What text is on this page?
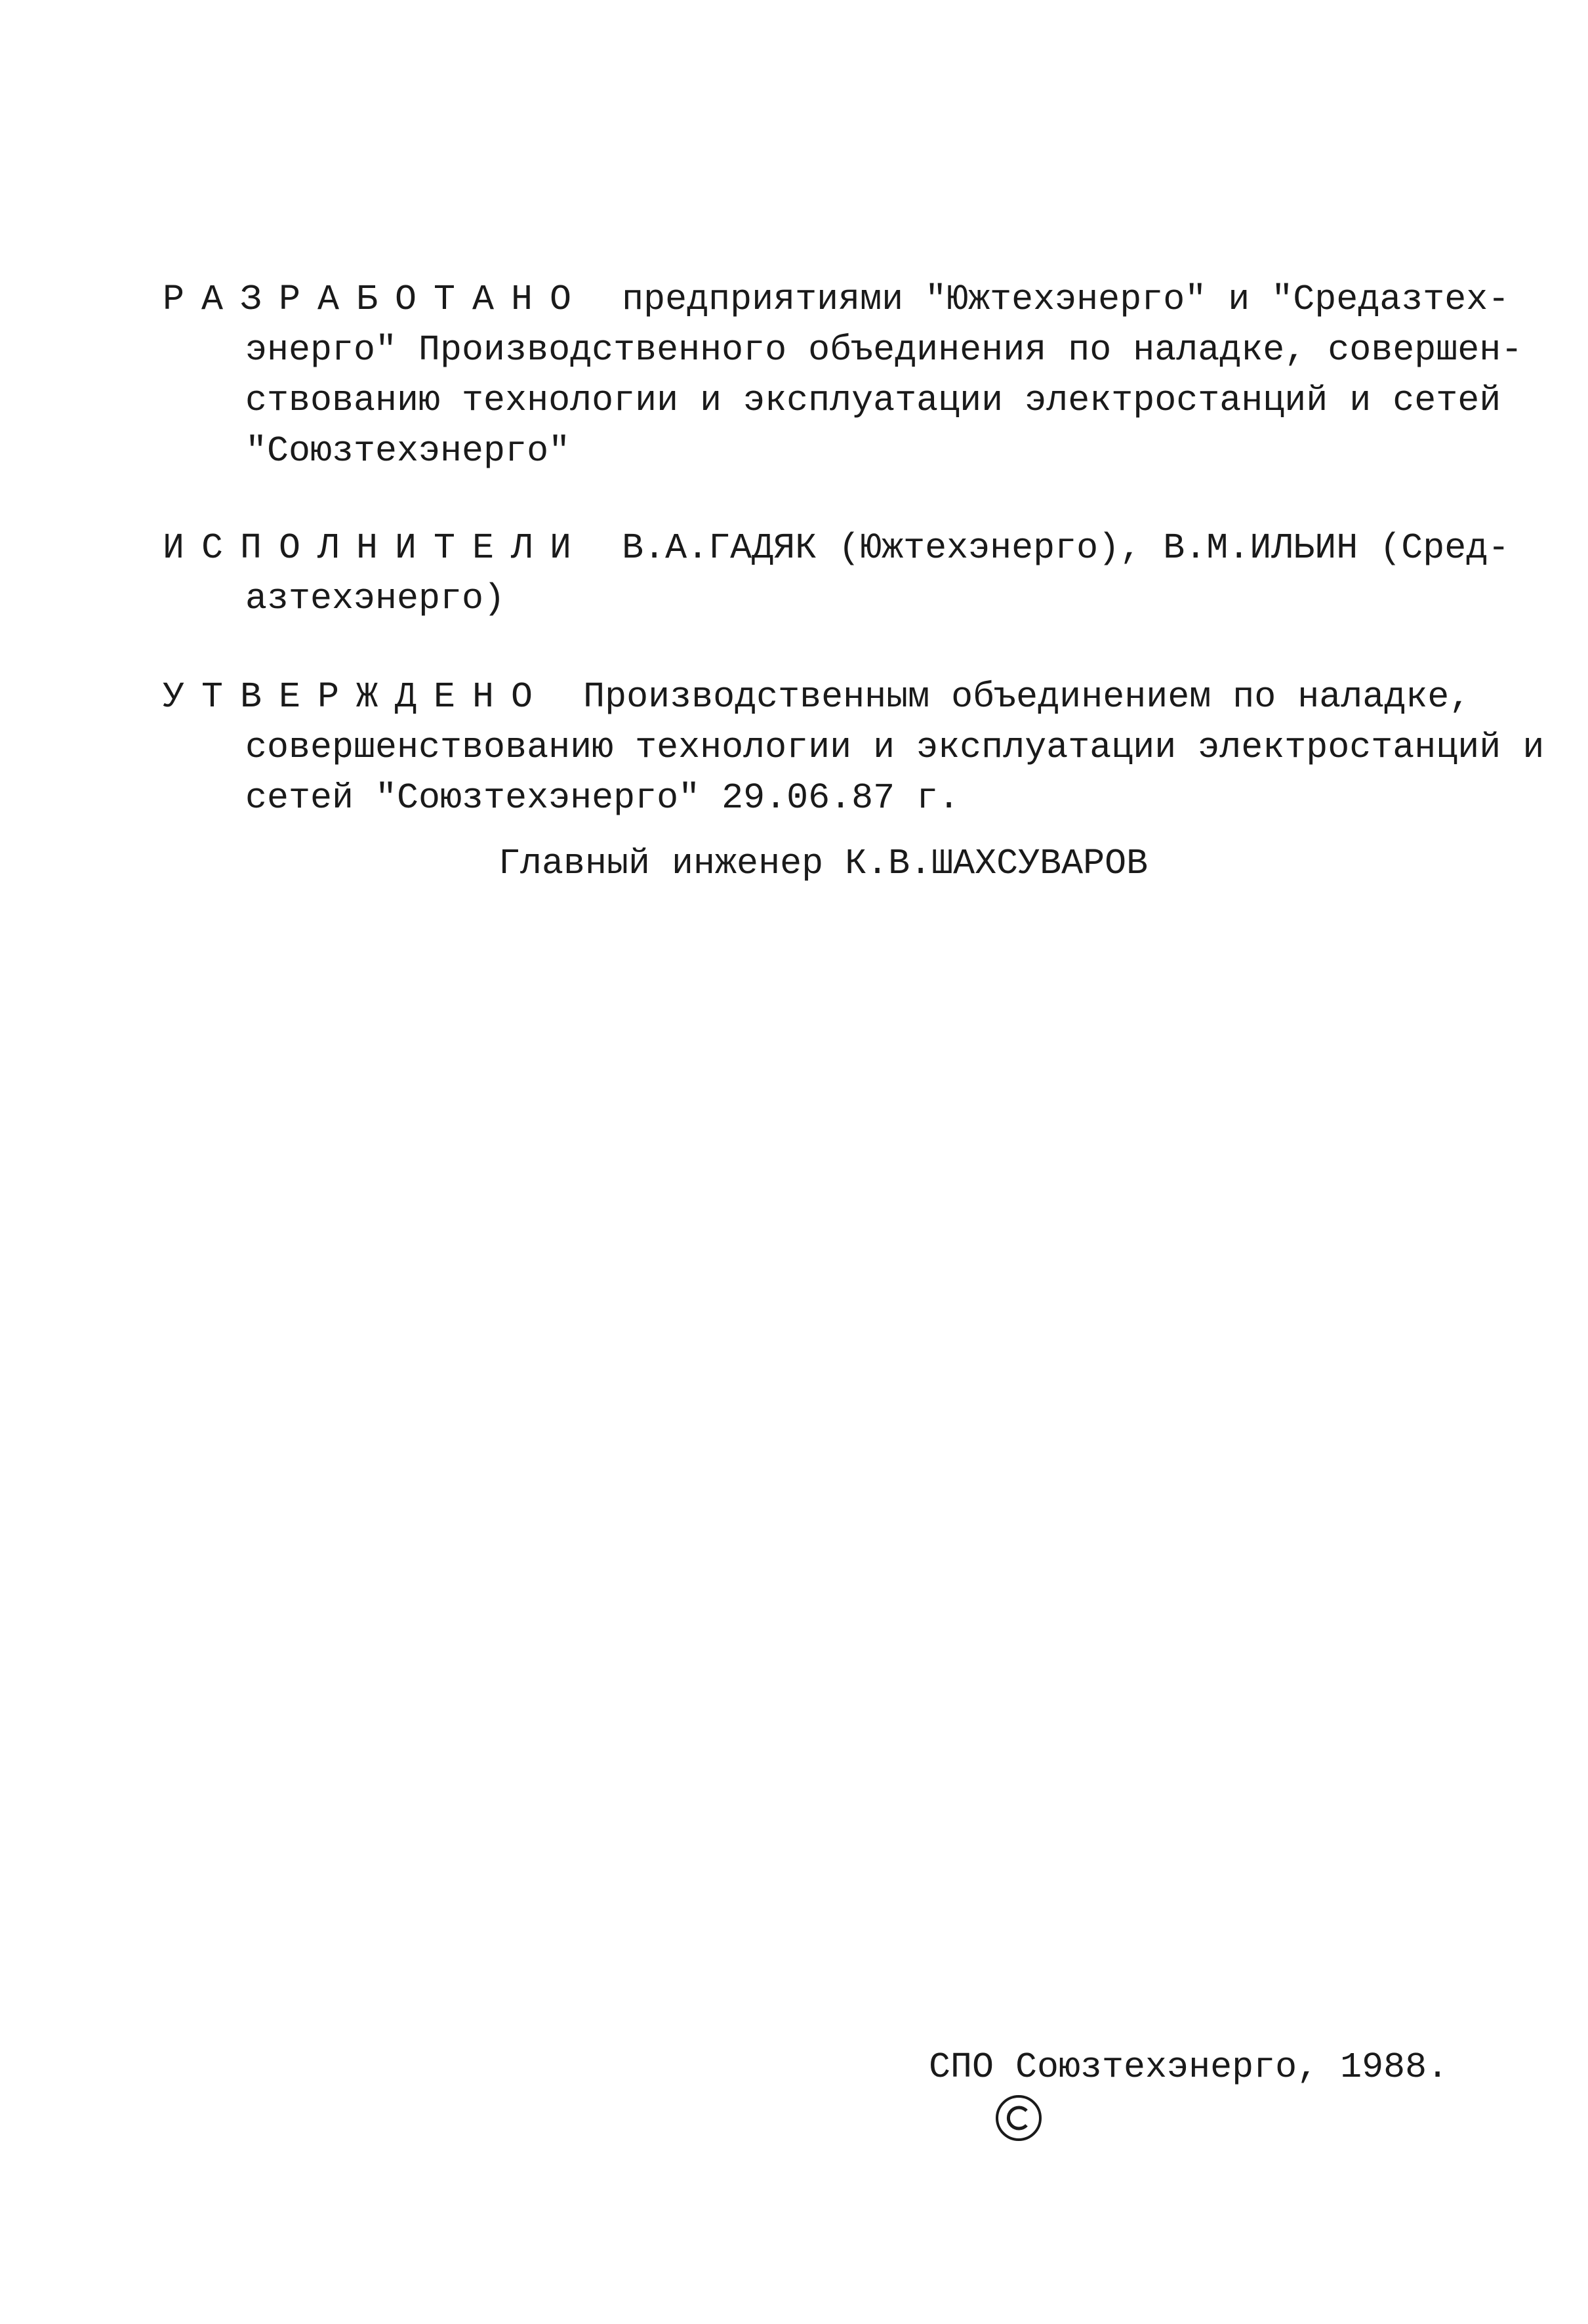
РАЗРАБОТАНО предприятиями "Южтехэнерго" и "Средазтех-
энерго" Производственного объединения по наладке, совершен-
ствованию технологии и эксплуатации электростанций и сетей
"Союзтехэнерго"
ИСПОЛНИТЕЛИ В.А.ГАДЯК (Южтехэнерго), В.М.ИЛЬИН (Сред-
азтехэнерго)
УТВЕРЖДЕНО Производственным объединением по наладке,
совершенствованию технологии и эксплуатации электростанций и
сетей "Союзтехэнерго" 29.06.87 г.
Главный инженер К.В.ШАХСУВАРОВ

СПО Союзтехэнерго, 1988.
